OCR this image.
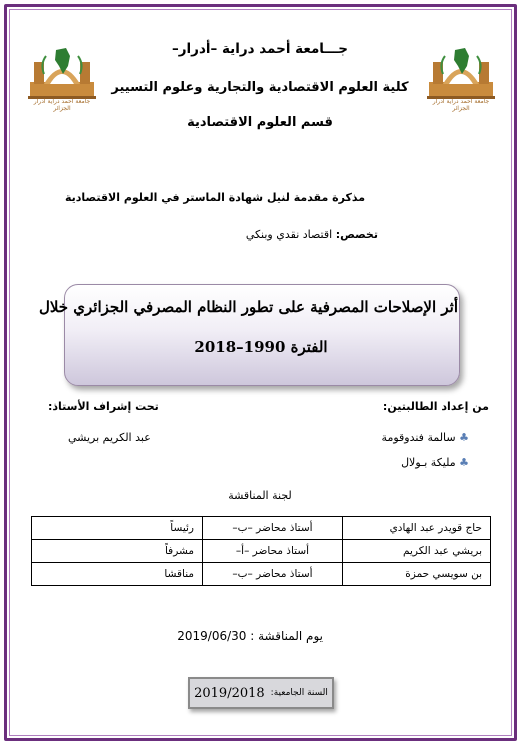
جامعة احمد دراية ادرار الجزائر
جامعة احمد دراية ادرار الجزائر
جـــامعة أحمد دراية –أدرار–
كلية العلوم الاقتصادية والتجارية وعلوم التسيير
قسم العلوم الاقتصادية
مذكرة مقدمة لنيل شهادة الماستر في العلوم الاقتصادية
تخصص: اقتصاد نقدي وبنكي
أثر الإصلاحات المصرفية على تطور النظام المصرفي الجزائري خلال
الفترة 1990–2018
من إعداد الطالبتين:
تحت إشراف الأستاذ:
♣ سالمة فندوقومة
♣ مليكة بـولال
عبد الكريم بريشي
لجنة المناقشة
حاج قويدر عبد الهادي	أستاذ محاضر –ب–	رئيساً
بريشي عبد الكريم	أستاذ محاضر –أ–	مشرفاً
بن سويسي حمزة	أستاذ محاضر –ب–	مناقشا
يوم المناقشة : 2019/06/30
السنة الجامعية:
2019/2018
